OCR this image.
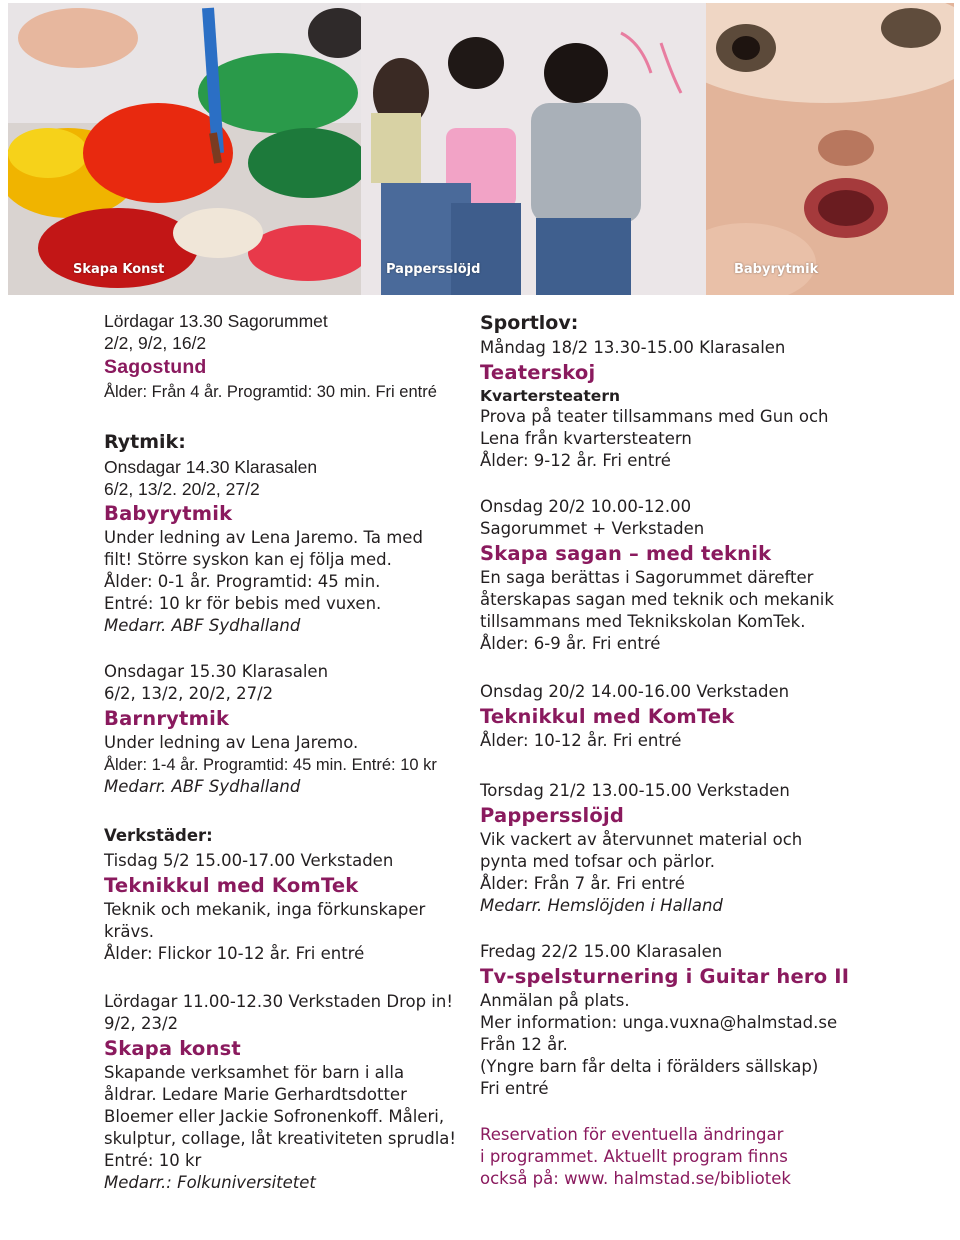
Skapa Konst	Pappersslöjd	Babyrytmik
Lördagar 13.30 Sagorummet
2/2, 9/2, 16/2
Sagostund
Ålder: Från 4 år. Programtid: 30 min. Fri entré
Rytmik:
Onsdagar 14.30 Klarasalen
6/2, 13/2. 20/2, 27/2
Babyrytmik
Under ledning av Lena Jaremo. Ta med
filt! Större syskon kan ej följa med.
Ålder: 0-1 år. Programtid: 45 min.
Entré: 10 kr för bebis med vuxen.
Medarr. ABF Sydhalland
Onsdagar 15.30 Klarasalen
6/2, 13/2, 20/2, 27/2
Barnrytmik
Under ledning av Lena Jaremo.
Ålder: 1-4 år. Programtid: 45 min. Entré: 10 kr
Medarr. ABF Sydhalland
Verkstäder:
Tisdag 5/2 15.00-17.00 Verkstaden
Teknikkul med KomTek
Teknik och mekanik, inga förkunskaper
krävs.
Ålder: Flickor 10-12 år. Fri entré
Lördagar 11.00-12.30 Verkstaden Drop in!
9/2, 23/2
Skapa konst
Skapande verksamhet för barn i alla
åldrar. Ledare Marie Gerhardtsdotter
Bloemer eller Jackie Sofronenkoff. Måleri,
skulptur, collage, låt kreativiteten sprudla!
Entré: 10 kr
Medarr.: Folkuniversitetet
Sportlov:
Måndag 18/2 13.30-15.00 Klarasalen
Teaterskoj
Kvartersteatern
Prova på teater tillsammans med Gun och
Lena från kvartersteatern
Ålder: 9-12 år. Fri entré
Onsdag 20/2 10.00-12.00
Sagorummet + Verkstaden
Skapa sagan – med teknik
En saga berättas i Sagorummet därefter
återskapas sagan med teknik och mekanik
tillsammans med Teknikskolan KomTek.
Ålder: 6-9 år. Fri entré
Onsdag 20/2 14.00-16.00 Verkstaden
Teknikkul med KomTek
Ålder: 10-12 år. Fri entré
Torsdag 21/2 13.00-15.00 Verkstaden
Pappersslöjd
Vik vackert av återvunnet material och
pynta med tofsar och pärlor.
Ålder: Från 7 år. Fri entré
Medarr. Hemslöjden i Halland
Fredag 22/2 15.00 Klarasalen
Tv-spelsturnering i Guitar hero II
Anmälan på plats.
Mer information: unga.vuxna@halmstad.se
Från 12 år.
(Yngre barn får delta i förälders sällskap)
Fri entré
Reservation för eventuella ändringar
i programmet. Aktuellt program finns
också på: www. halmstad.se/bibliotek
